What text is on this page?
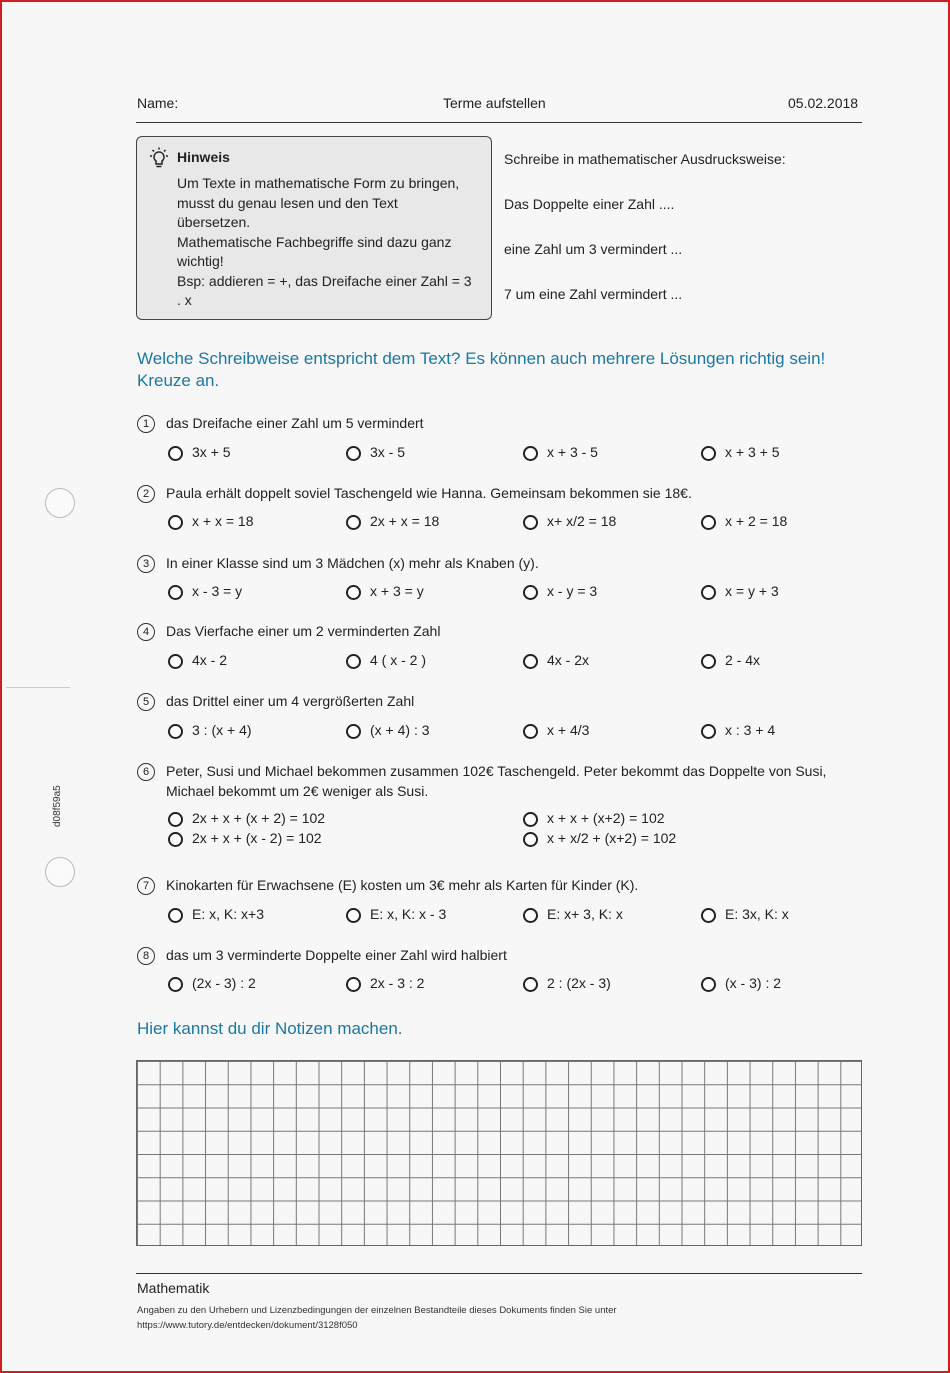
Name:	Terme aufstellen	05.02.2018
Hinweis
Um Texte in mathematische Form zu bringen,
musst du genau lesen und den Text
übersetzen.
Mathematische Fachbegriffe sind dazu ganz
wichtig!
Bsp: addieren = +, das Dreifache einer Zahl = 3
. x
Schreibe in mathematischer Ausdrucksweise:
Das Doppelte einer Zahl ....
eine Zahl um 3 vermindert ...
7 um eine Zahl vermindert ...
Welche Schreibweise entspricht dem Text? Es können auch mehrere Lösungen richtig sein! Kreuze an.
d08f59a5
1	das Dreifache einer Zahl um 5 vermindert
3x + 5	3x - 5	x + 3 - 5	x + 3 + 5
2	Paula erhält doppelt soviel Taschengeld wie Hanna. Gemeinsam bekommen sie 18€.
x + x = 18	2x + x = 18	x+ x/2 = 18	x + 2 = 18
3	In einer Klasse sind um 3 Mädchen (x) mehr als Knaben (y).
x - 3 = y	x + 3 = y	x - y = 3	x = y + 3
4	Das Vierfache einer um 2 verminderten Zahl
4x - 2	4 ( x - 2 )	4x - 2x	2 - 4x
5	das Drittel einer um 4 vergrößerten Zahl
3 : (x + 4)	(x + 4) : 3	x + 4/3	x : 3 + 4
6	Peter, Susi und Michael bekommen zusammen 102€ Taschengeld. Peter bekommt das Doppelte von Susi, Michael bekommt um 2€ weniger als Susi.
2x + x + (x + 2) = 102	x + x + (x+2) = 102
2x + x + (x - 2) = 102	x + x/2 + (x+2) = 102
7	Kinokarten für Erwachsene (E) kosten um 3€ mehr als Karten für Kinder (K).
E: x, K: x+3	E: x, K: x - 3	E: x+ 3, K: x	E: 3x, K: x
8	das um 3 verminderte Doppelte einer Zahl wird halbiert
(2x - 3) : 2	2x - 3 : 2	2 : (2x - 3)	(x - 3) : 2
Hier kannst du dir Notizen machen.
Mathematik
Angaben zu den Urhebern und Lizenzbedingungen der einzelnen Bestandteile dieses Dokuments finden Sie unter
https://www.tutory.de/entdecken/dokument/3128f050
